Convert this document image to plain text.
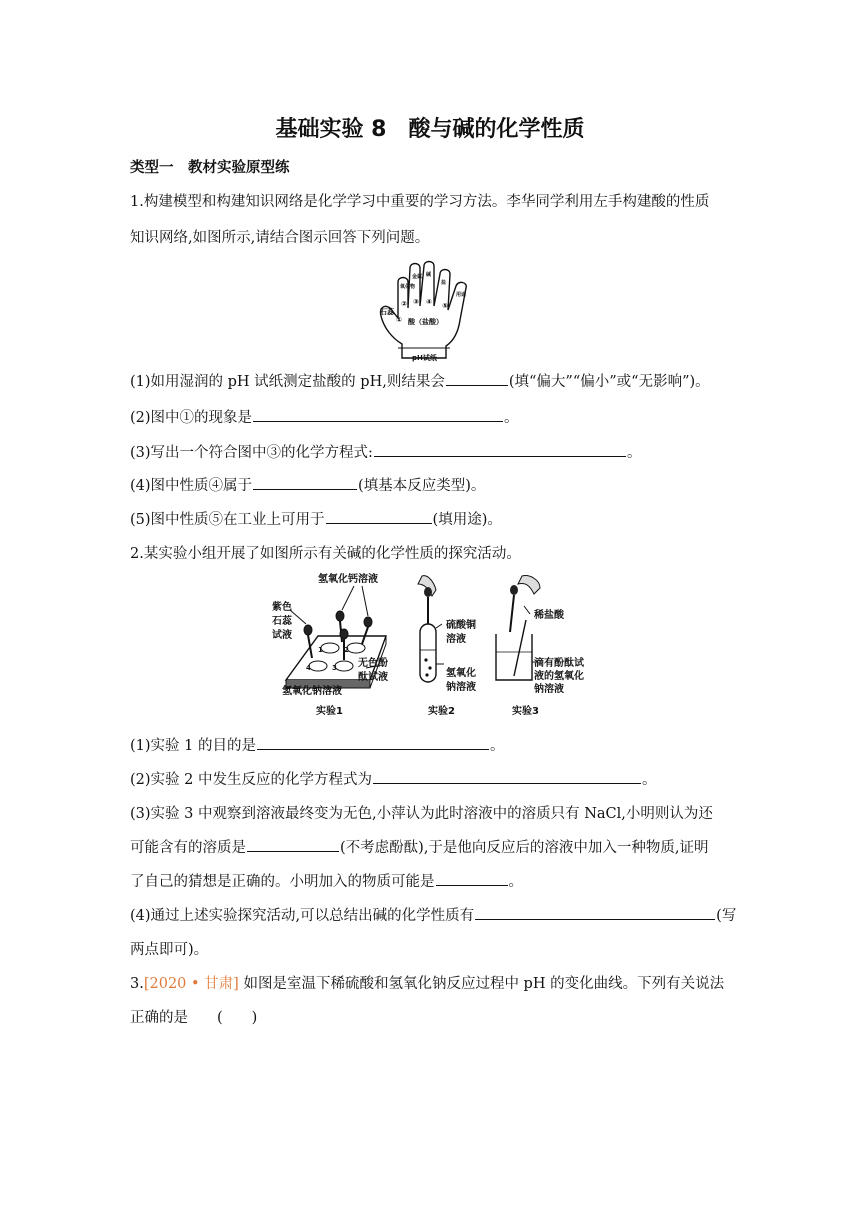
基础实验 8　酸与碱的化学性质
类型一　教材实验原型练
1.构建模型和构建知识网络是化学学习中重要的学习方法。李华同学利用左手构建酸的性质
知识网络,如图所示,请结合图示回答下列问题。
pH试纸
酸（盐酸）
石蕊
①
② ③ ④ ⑤
氧化物
金属 碱
盐
用途
(1)如用湿润的 pH 试纸测定盐酸的 pH,则结果会	(填“偏大”“偏小”或“无影响”)。
(2)图中①的现象是	。
(3)写出一个符合图中③的化学方程式:	。
(4)图中性质④属于	(填基本反应类型)。
(5)图中性质⑤在工业上可用于	(填用途)。
2.某实验小组开展了如图所示有关碱的化学性质的探究活动。
4	3
1	2
氢氧化钙溶液
紫色
石蕊
试液
无色酚
酞试液
氢氧化钠溶液
实验1
硫酸铜
溶液
氢氧化
钠溶液
实验2
稀盐酸
滴有酚酞试
液的氢氧化
钠溶液
实验3
(1)实验 1 的目的是	。
(2)实验 2 中发生反应的化学方程式为	。
(3)实验 3 中观察到溶液最终变为无色,小萍认为此时溶液中的溶质只有 NaCl,小明则认为还
可能含有的溶质是	(不考虑酚酞),于是他向反应后的溶液中加入一种物质,证明
了自己的猜想是正确的。小明加入的物质可能是	。
(4)通过上述实验探究活动,可以总结出碱的化学性质有	(写
两点即可)。
3.[2020 • 甘肃] 如图是室温下稀硫酸和氢氧化钠反应过程中 pH 的变化曲线。下列有关说法
正确的是　　(　　)
